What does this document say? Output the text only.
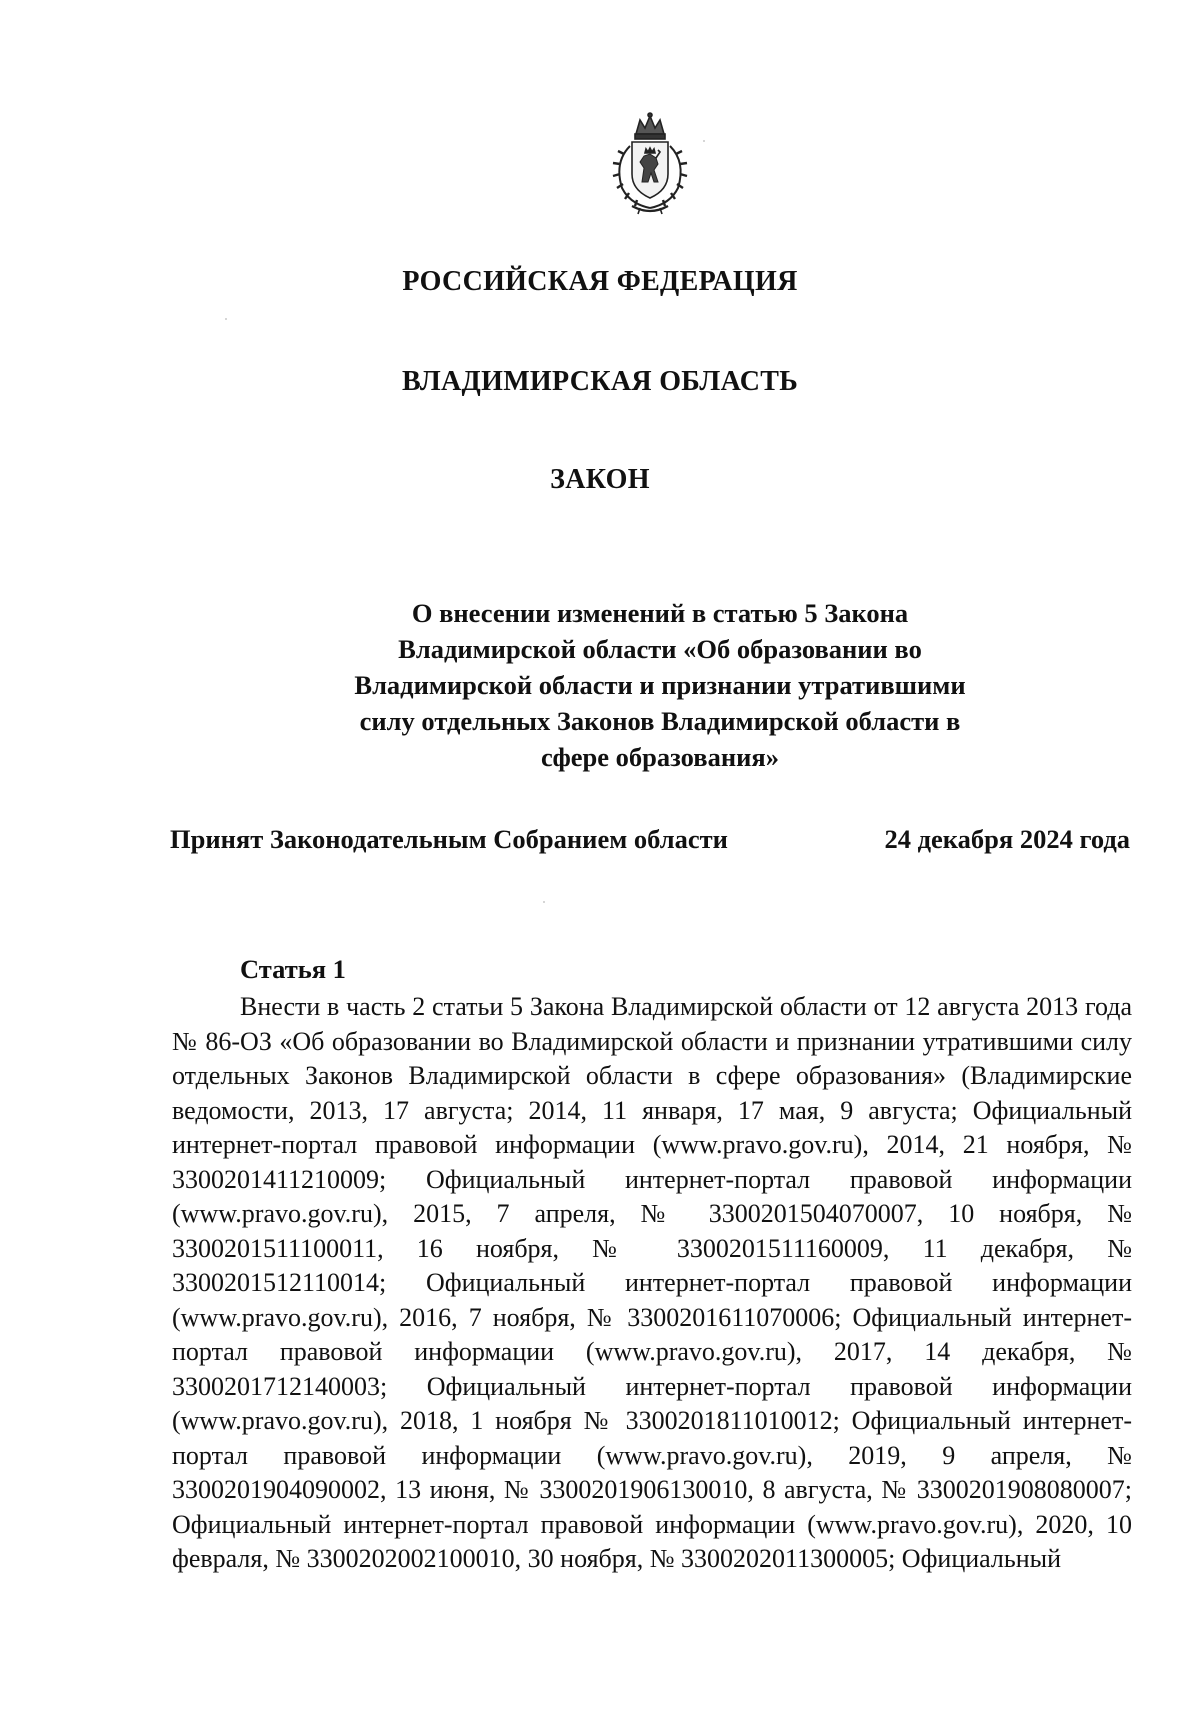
РОССИЙСКАЯ ФЕДЕРАЦИЯ
ВЛАДИМИРСКАЯ ОБЛАСТЬ
ЗАКОН
О внесении изменений в статью 5 Закона Владимирской области «Об образовании во Владимирской области и признании утратившими силу отдельных Законов Владимирской области в сфере образования»
Принят Законодательным Собранием области	24 декабря 2024 года
Статья 1
Внести в часть 2 статьи 5 Закона Владимирской области от 12 августа 2013 года № 86-ОЗ «Об образовании во Владимирской области и признании утратившими силу отдельных Законов Владимирской области в сфере образования» (Владимирские ведомости, 2013, 17 августа; 2014, 11 января, 17 мая, 9 августа; Официальный интернет-портал правовой информации (www.pravo.gov.ru), 2014, 21 ноября, № 3300201411210009; Официальный интернет-портал правовой информации (www.pravo.gov.ru), 2015, 7 апреля, № 3300201504070007, 10 ноября, № 3300201511100011, 16 ноября, № 3300201511160009, 11 декабря, № 3300201512110014; Официальный интернет-портал правовой информации (www.pravo.gov.ru), 2016, 7 ноября, № 3300201611070006; Официальный интернет-портал правовой информации (www.pravo.gov.ru), 2017, 14 декабря, № 3300201712140003; Официальный интернет-портал правовой информации (www.pravo.gov.ru), 2018, 1 ноября № 3300201811010012; Официальный интернет-портал правовой информации (www.pravo.gov.ru), 2019, 9 апреля, № 3300201904090002, 13 июня, № 3300201906130010, 8 августа, № 3300201908080007; Официальный интернет-портал правовой информации (www.pravo.gov.ru), 2020, 10 февраля, № 3300202002100010, 30 ноября, № 3300202011300005; Официальный
